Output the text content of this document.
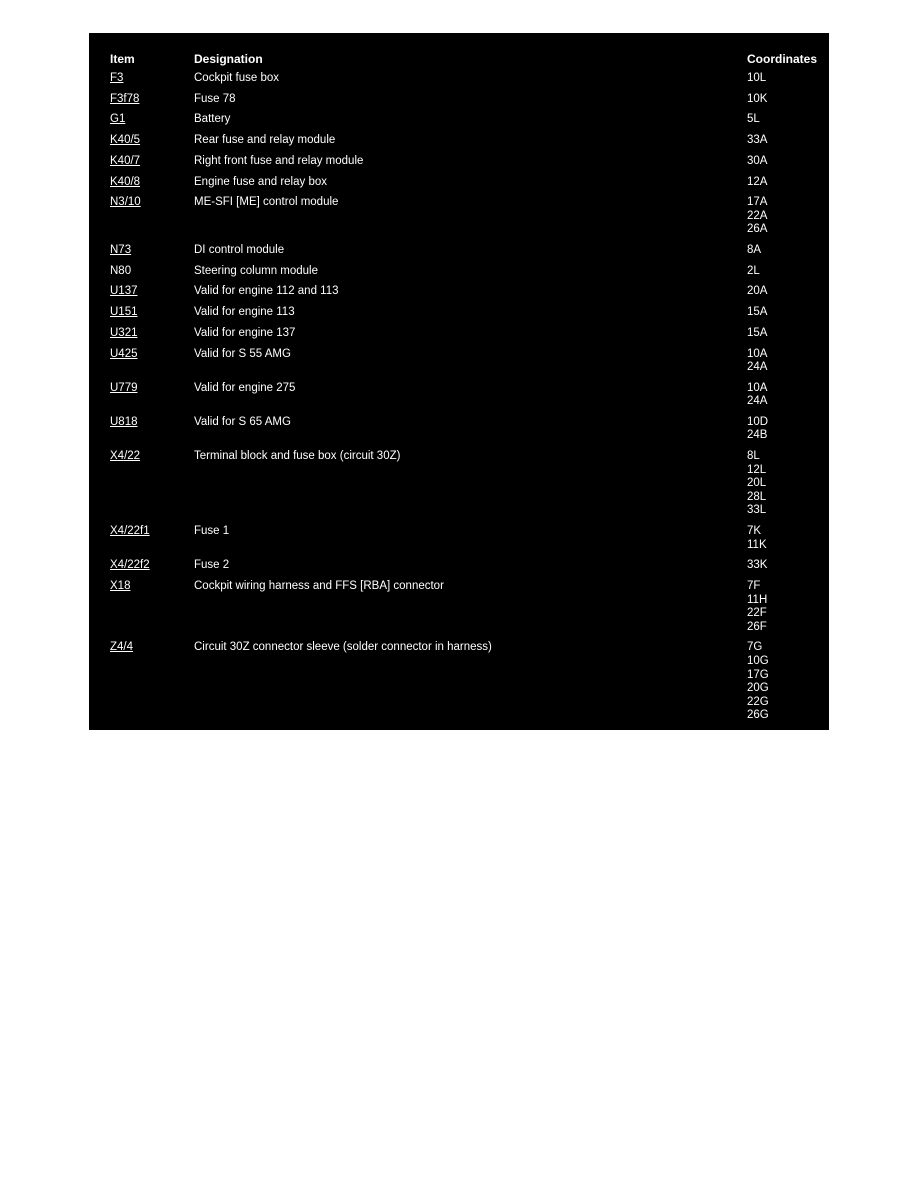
Item	Designation	Coordinates
F3	Cockpit fuse box	10L
F3f78	Fuse 78	10K
G1	Battery	5L
K40/5	Rear fuse and relay module	33A
K40/7	Right front fuse and relay module	30A
K40/8	Engine fuse and relay box	12A
N3/10	ME-SFI [ME] control module	17A
22A
26A
N73	DI control module	8A
N80	Steering column module	2L
U137	Valid for engine 112 and 113	20A
U151	Valid for engine 113	15A
U321	Valid for engine 137	15A
U425	Valid for S 55 AMG	10A
24A
U779	Valid for engine 275	10A
24A
U818	Valid for S 65 AMG	10D
24B
X4/22	Terminal block and fuse box (circuit 30Z)	8L
12L
20L
28L
33L
X4/22f1	Fuse 1	7K
11K
X4/22f2	Fuse 2	33K
X18	Cockpit wiring harness and FFS [RBA] connector	7F
11H
22F
26F
Z4/4	Circuit 30Z connector sleeve (solder connector in harness)	7G
10G
17G
20G
22G
26G
